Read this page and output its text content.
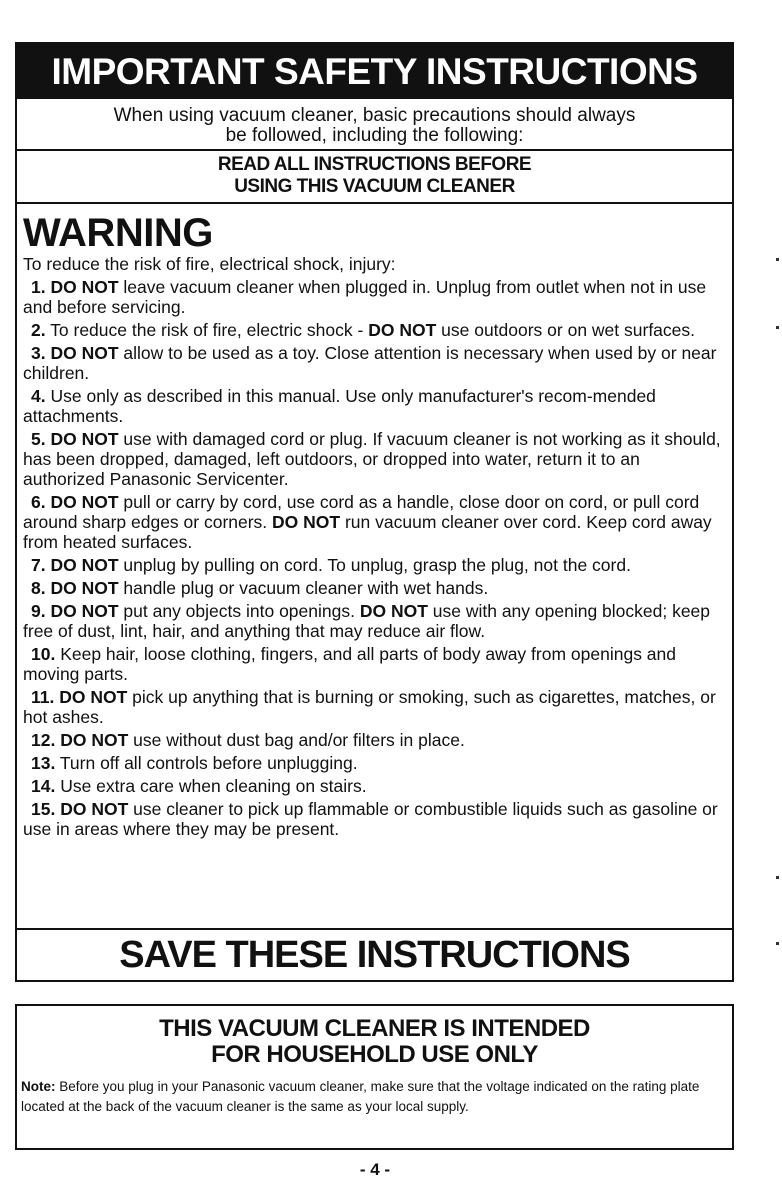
IMPORTANT SAFETY INSTRUCTIONS
When using vacuum cleaner, basic precautions should always
be followed, including the following:
READ ALL INSTRUCTIONS BEFORE
USING THIS VACUUM CLEANER
WARNING
To reduce the risk of fire, electrical shock, injury:
1. DO NOT leave vacuum cleaner when plugged in. Unplug from outlet when not in use and before servicing.
2. To reduce the risk of fire, electric shock - DO NOT use outdoors or on wet surfaces.
3. DO NOT allow to be used as a toy. Close attention is necessary when used by or near children.
4. Use only as described in this manual. Use only manufacturer's recom-mended attachments.
5. DO NOT use with damaged cord or plug. If vacuum cleaner is not working as it should, has been dropped, damaged, left outdoors, or dropped into water, return it to an authorized Panasonic Servicenter.
6. DO NOT pull or carry by cord, use cord as a handle, close door on cord, or pull cord around sharp edges or corners. DO NOT run vacuum cleaner over cord. Keep cord away from heated surfaces.
7. DO NOT unplug by pulling on cord. To unplug, grasp the plug, not the cord.
8. DO NOT handle plug or vacuum cleaner with wet hands.
9. DO NOT put any objects into openings. DO NOT use with any opening blocked; keep free of dust, lint, hair, and anything that may reduce air flow.
10. Keep hair, loose clothing, fingers, and all parts of body away from openings and moving parts.
11. DO NOT pick up anything that is burning or smoking, such as cigarettes, matches, or hot ashes.
12. DO NOT use without dust bag and/or filters in place.
13. Turn off all controls before unplugging.
14. Use extra care when cleaning on stairs.
15. DO NOT use cleaner to pick up flammable or combustible liquids such as gasoline or use in areas where they may be present.
SAVE THESE INSTRUCTIONS
THIS VACUUM CLEANER IS INTENDED
FOR HOUSEHOLD USE ONLY
Note: Before you plug in your Panasonic vacuum cleaner, make sure that the voltage indicated on the rating plate located at the back of the vacuum cleaner is the same as your local supply.
- 4 -
